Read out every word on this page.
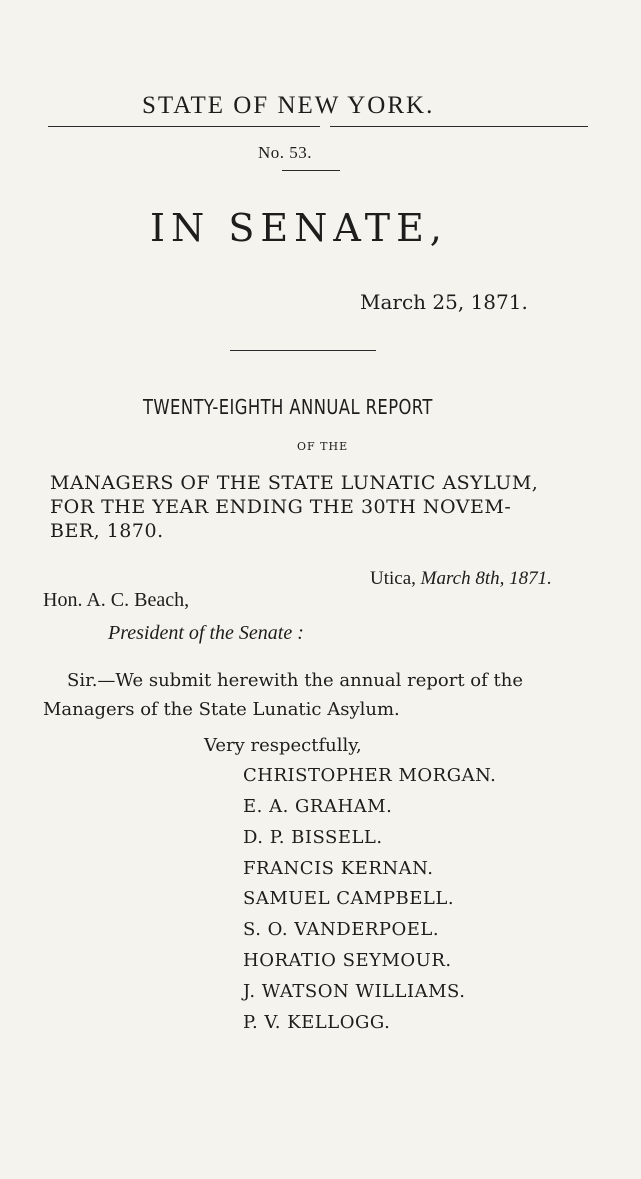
STATE OF NEW YORK.
No. 53.
IN SENATE,
March 25, 1871.
TWENTY-EIGHTH ANNUAL REPORT
OF THE
MANAGERS OF THE STATE LUNATIC ASYLUM,
FOR THE YEAR ENDING THE 30TH NOVEM-
BER, 1870.
Utica, March 8th, 1871.
Hon. A. C. Beach,
President of the Senate :
Sir.—We submit herewith the annual report of the
Managers of the State Lunatic Asylum.
Very respectfully,
CHRISTOPHER MORGAN.
E. A. GRAHAM.
D. P. BISSELL.
FRANCIS KERNAN.
SAMUEL CAMPBELL.
S. O. VANDERPOEL.
HORATIO SEYMOUR.
J. WATSON WILLIAMS.
P. V. KELLOGG.
